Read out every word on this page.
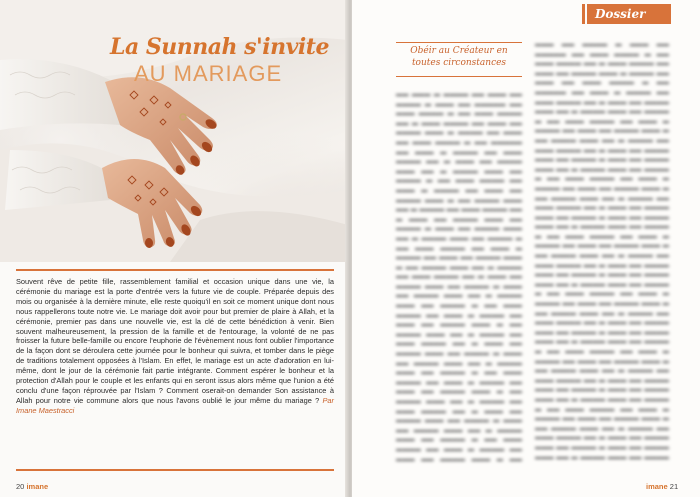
La Sunnah s'invite
AU MARIAGE
Souvent rêve de petite fille, rassemblement familial et occasion unique dans une vie, la cérémonie du mariage est la porte d'entrée vers la future vie de couple. Préparée depuis des mois ou organisée à la dernière minute, elle reste quoiqu'il en soit ce moment unique dont nous nous rappellerons toute notre vie. Le mariage doit avoir pour but premier de plaire à Allah, et la cérémonie, premier pas dans une nouvelle vie, est la clé de cette bénédiction à venir. Bien souvent malheureusement, la pression de la famille et de l'entourage, la volonté de ne pas froisser la future belle-famille ou encore l'euphorie de l'évènement nous font oublier l'importance de la façon dont se déroulera cette journée pour le bonheur qui suivra, et tomber dans le piège de traditions totalement opposées à l'Islam. En effet, le mariage est un acte d'adoration en lui-même, dont le jour de la cérémonie fait partie intégrante. Comment espérer le bonheur et la protection d'Allah pour le couple et les enfants qui en seront issus alors même que l'union a été conclu d'une façon réprouvée par l'Islam ? Comment oserait-on demander Son assistance à Allah pour notre vie commune alors que nous l'avons oublié le jour même du mariage ? Par Imane Maestracci
20 imane
Dossier
Obéir au Créateur en toutes circonstances
▬▬ ▬▬▬ ▬ ▬▬▬▬ ▬▬ ▬▬▬ ▬▬ ▬▬▬▬ ▬ ▬▬▬ ▬▬ ▬▬▬▬▬ ▬▬ ▬▬▬ ▬▬▬▬ ▬ ▬▬ ▬▬▬ ▬▬▬▬ ▬▬ ▬ ▬▬▬ ▬▬▬▬ ▬▬ ▬▬▬ ▬▬ ▬▬▬▬ ▬▬▬ ▬ ▬▬▬▬ ▬▬ ▬▬▬ ▬▬ ▬▬▬ ▬▬▬▬ ▬ ▬▬ ▬▬▬▬▬ ▬▬ ▬▬▬ ▬ ▬▬▬▬ ▬▬ ▬▬▬ ▬▬▬▬ ▬▬ ▬ ▬▬▬ ▬▬ ▬▬▬▬ ▬▬▬ ▬▬ ▬ ▬▬▬▬ ▬▬▬ ▬▬ ▬▬▬▬ ▬ ▬▬ ▬▬▬ ▬▬▬▬ ▬▬ ▬▬▬ ▬ ▬▬▬▬ ▬▬ ▬▬▬ ▬▬ ▬▬▬▬ ▬▬▬ ▬ ▬▬ ▬▬▬▬ ▬▬▬ ▬▬ ▬ ▬▬▬▬ ▬▬ ▬▬▬ ▬▬▬▬ ▬▬ ▬ ▬▬▬ ▬▬ ▬▬▬▬ ▬▬▬ ▬▬ ▬▬▬▬ ▬ ▬▬▬ ▬▬ ▬▬▬▬ ▬▬▬ ▬▬ ▬ ▬▬▬▬ ▬▬▬ ▬▬ ▬▬▬▬ ▬ ▬▬ ▬▬▬ ▬▬▬▬ ▬▬ ▬▬▬ ▬ ▬▬▬▬ ▬▬ ▬▬▬ ▬▬ ▬▬▬▬ ▬▬▬ ▬ ▬▬ ▬▬▬▬ ▬▬▬ ▬▬ ▬ ▬▬▬▬ ▬▬ ▬▬▬ ▬▬▬▬ ▬▬ ▬ ▬▬▬ ▬▬ ▬▬▬▬ ▬▬▬ ▬▬ ▬▬▬▬ ▬ ▬▬▬ ▬▬ ▬▬▬▬ ▬▬▬ ▬▬ ▬ ▬▬▬▬ ▬▬▬ ▬▬ ▬▬▬▬ ▬ ▬▬ ▬▬▬ ▬▬▬▬ ▬▬ ▬▬▬ ▬ ▬▬▬▬ ▬▬ ▬▬▬ ▬▬ ▬▬▬▬ ▬▬▬ ▬ ▬▬ ▬▬▬▬ ▬▬▬ ▬▬ ▬ ▬▬▬▬ ▬▬ ▬▬▬ ▬▬▬▬ ▬▬ ▬ ▬▬▬ ▬▬ ▬▬▬▬ ▬▬▬ ▬▬ ▬▬▬▬ ▬ ▬▬▬ ▬▬ ▬▬▬▬ ▬▬▬ ▬▬ ▬ ▬▬▬▬ ▬▬▬ ▬▬ ▬▬▬▬ ▬ ▬▬ ▬▬▬ ▬▬▬▬ ▬▬ ▬▬▬ ▬ ▬▬▬▬ ▬▬ ▬▬▬ ▬▬ ▬▬▬▬ ▬▬▬ ▬ ▬▬ ▬▬▬▬ ▬▬▬ ▬▬ ▬ ▬▬▬▬ ▬▬ ▬▬▬ ▬▬▬▬ ▬▬ ▬ ▬▬▬ ▬▬ ▬▬▬▬ ▬▬▬ ▬▬ ▬▬▬▬ ▬ ▬▬▬ ▬▬ ▬▬▬▬ ▬▬▬ ▬▬ ▬ ▬▬▬▬ ▬▬▬ ▬▬ ▬▬▬▬ ▬ ▬▬ ▬▬▬ ▬▬▬▬ ▬▬ ▬▬▬ ▬ ▬▬▬▬ ▬▬ ▬▬▬ ▬▬ ▬▬▬▬ ▬▬▬ ▬ ▬▬
▬▬▬ ▬▬ ▬▬▬▬ ▬ ▬▬▬ ▬▬ ▬▬▬▬▬ ▬▬ ▬▬▬ ▬▬▬▬ ▬ ▬▬ ▬▬▬ ▬▬▬▬ ▬▬ ▬ ▬▬▬ ▬▬▬▬ ▬▬ ▬▬▬ ▬▬ ▬▬▬▬ ▬▬▬ ▬ ▬▬▬▬ ▬▬ ▬▬▬ ▬▬ ▬▬▬ ▬▬▬▬ ▬ ▬▬ ▬▬▬▬▬ ▬▬ ▬▬▬ ▬ ▬▬▬▬ ▬▬ ▬▬▬ ▬▬▬▬ ▬▬ ▬ ▬▬▬ ▬▬ ▬▬▬▬ ▬▬▬ ▬▬ ▬ ▬▬▬▬ ▬▬▬ ▬▬ ▬▬▬▬ ▬ ▬▬ ▬▬▬ ▬▬▬▬ ▬▬ ▬▬▬ ▬ ▬▬▬▬ ▬▬ ▬▬▬ ▬▬ ▬▬▬▬ ▬▬▬ ▬ ▬▬ ▬▬▬▬ ▬▬▬ ▬▬ ▬ ▬▬▬▬ ▬▬ ▬▬▬ ▬▬▬▬ ▬▬ ▬ ▬▬▬ ▬▬ ▬▬▬▬ ▬▬▬ ▬▬ ▬▬▬▬ ▬ ▬▬▬ ▬▬ ▬▬▬▬ ▬▬▬ ▬▬ ▬ ▬▬▬▬ ▬▬▬ ▬▬ ▬▬▬▬ ▬ ▬▬ ▬▬▬ ▬▬▬▬ ▬▬ ▬▬▬ ▬ ▬▬▬▬ ▬▬ ▬▬▬ ▬▬ ▬▬▬▬ ▬▬▬ ▬ ▬▬ ▬▬▬▬ ▬▬▬ ▬▬ ▬ ▬▬▬▬ ▬▬ ▬▬▬ ▬▬▬▬ ▬▬ ▬ ▬▬▬ ▬▬ ▬▬▬▬ ▬▬▬ ▬▬ ▬▬▬▬ ▬ ▬▬▬ ▬▬ ▬▬▬▬ ▬▬▬ ▬▬ ▬ ▬▬▬▬ ▬▬▬ ▬▬ ▬▬▬▬ ▬ ▬▬ ▬▬▬ ▬▬▬▬ ▬▬ ▬▬▬ ▬ ▬▬▬▬ ▬▬ ▬▬▬ ▬▬ ▬▬▬▬ ▬▬▬ ▬ ▬▬ ▬▬▬▬ ▬▬▬ ▬▬ ▬ ▬▬▬▬ ▬▬ ▬▬▬ ▬▬▬▬ ▬▬ ▬ ▬▬▬ ▬▬ ▬▬▬▬ ▬▬▬ ▬▬ ▬▬▬▬ ▬ ▬▬▬ ▬▬ ▬▬▬▬ ▬▬▬ ▬▬ ▬ ▬▬▬▬ ▬▬▬ ▬▬ ▬▬▬▬ ▬ ▬▬ ▬▬▬ ▬▬▬▬ ▬▬ ▬▬▬ ▬ ▬▬▬▬ ▬▬ ▬▬▬ ▬▬ ▬▬▬▬ ▬▬▬ ▬ ▬▬ ▬▬▬▬ ▬▬▬ ▬▬ ▬ ▬▬▬▬ ▬▬ ▬▬▬ ▬▬▬▬ ▬▬ ▬ ▬▬▬ ▬▬ ▬▬▬▬ ▬▬▬ ▬▬ ▬▬▬▬ ▬ ▬▬▬ ▬▬ ▬▬▬▬ ▬▬▬ ▬▬ ▬ ▬▬▬▬ ▬▬▬ ▬▬ ▬▬▬▬ ▬ ▬▬ ▬▬▬ ▬▬▬▬ ▬▬ ▬▬▬ ▬ ▬▬▬▬ ▬▬ ▬▬▬ ▬▬ ▬▬▬▬ ▬▬▬ ▬ ▬▬ ▬▬▬▬ ▬▬▬ ▬▬ ▬ ▬▬▬▬ ▬▬ ▬▬▬ ▬▬▬▬ ▬▬ ▬ ▬▬▬ ▬▬ ▬▬▬▬ ▬▬▬ ▬▬ ▬▬▬▬ ▬ ▬▬▬ ▬▬ ▬▬▬▬ ▬▬▬ ▬▬ ▬ ▬▬▬▬ ▬▬▬ ▬▬ ▬▬▬▬ ▬ ▬▬ ▬▬▬ ▬▬▬▬ ▬▬ ▬▬▬ ▬ ▬▬▬▬ ▬▬ ▬▬▬ ▬▬ ▬▬▬▬ ▬▬▬ ▬ ▬▬ ▬▬▬▬ ▬▬▬ ▬▬ ▬ ▬▬▬▬ ▬▬ ▬▬▬ ▬▬▬▬ ▬▬ ▬ ▬▬▬ ▬▬ ▬▬▬▬ ▬▬▬ ▬▬ ▬▬▬▬ ▬ ▬▬▬ ▬▬ ▬▬▬▬ ▬▬▬ ▬▬ ▬ ▬▬▬▬ ▬▬▬ ▬▬ ▬▬▬▬
imane 21
